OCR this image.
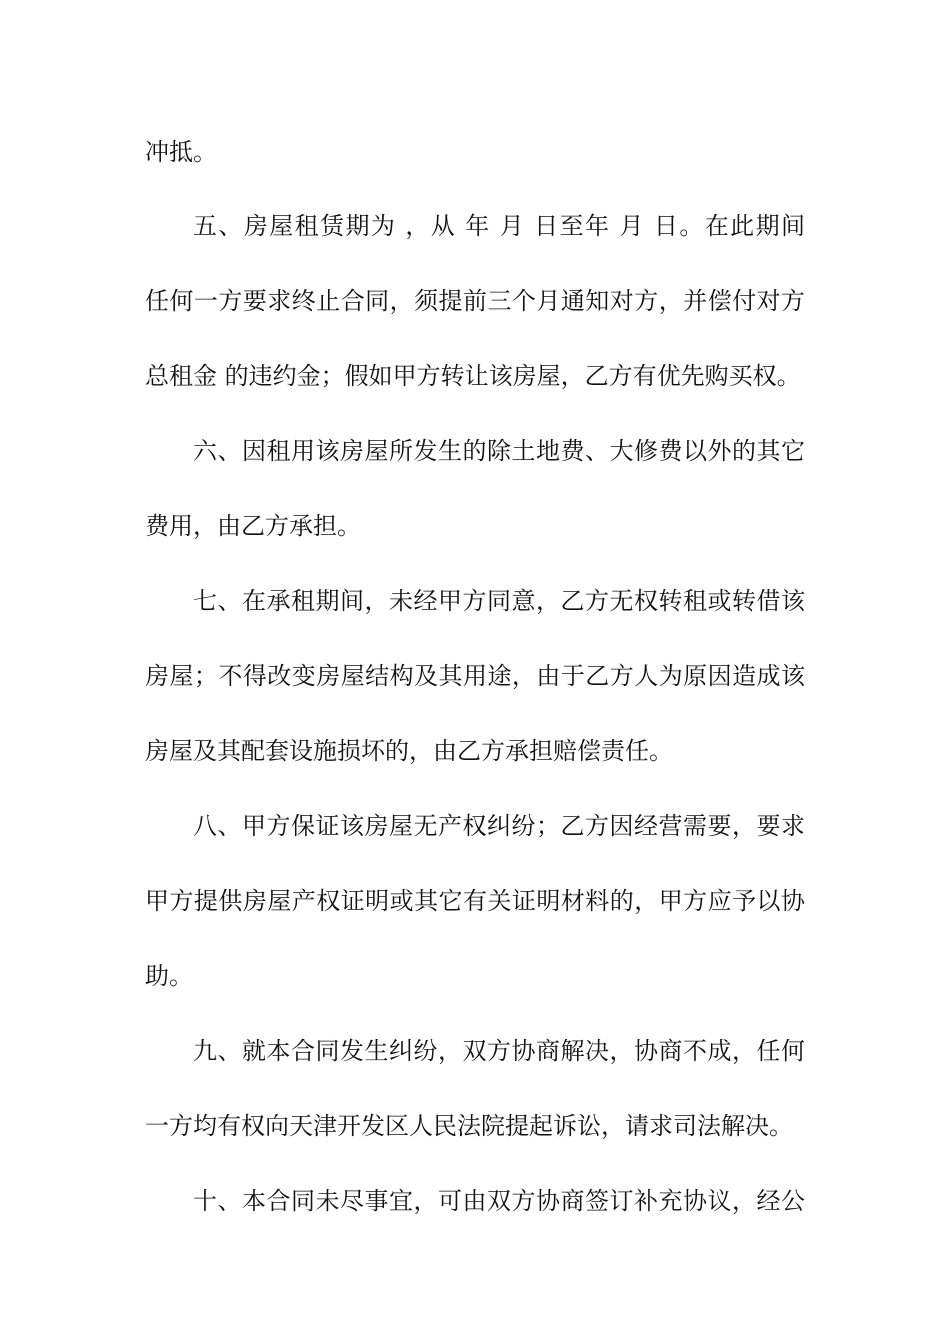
冲抵。
五、房屋租赁期为 ，从 年 月 日至年 月 日。在此期间
任何一方要求终止合同，须提前三个月通知对方，并偿付对方
总租金 的违约金；假如甲方转让该房屋，乙方有优先购买权。
六、因租用该房屋所发生的除土地费、大修费以外的其它
费用，由乙方承担。
七、在承租期间，未经甲方同意，乙方无权转租或转借该
房屋；不得改变房屋结构及其用途，由于乙方人为原因造成该
房屋及其配套设施损坏的，由乙方承担赔偿责任。
八、甲方保证该房屋无产权纠纷；乙方因经营需要，要求
甲方提供房屋产权证明或其它有关证明材料的，甲方应予以协
助。
九、就本合同发生纠纷，双方协商解决，协商不成，任何
一方均有权向天津开发区人民法院提起诉讼，请求司法解决。
十、本合同未尽事宜，可由双方协商签订补充协议，经公
